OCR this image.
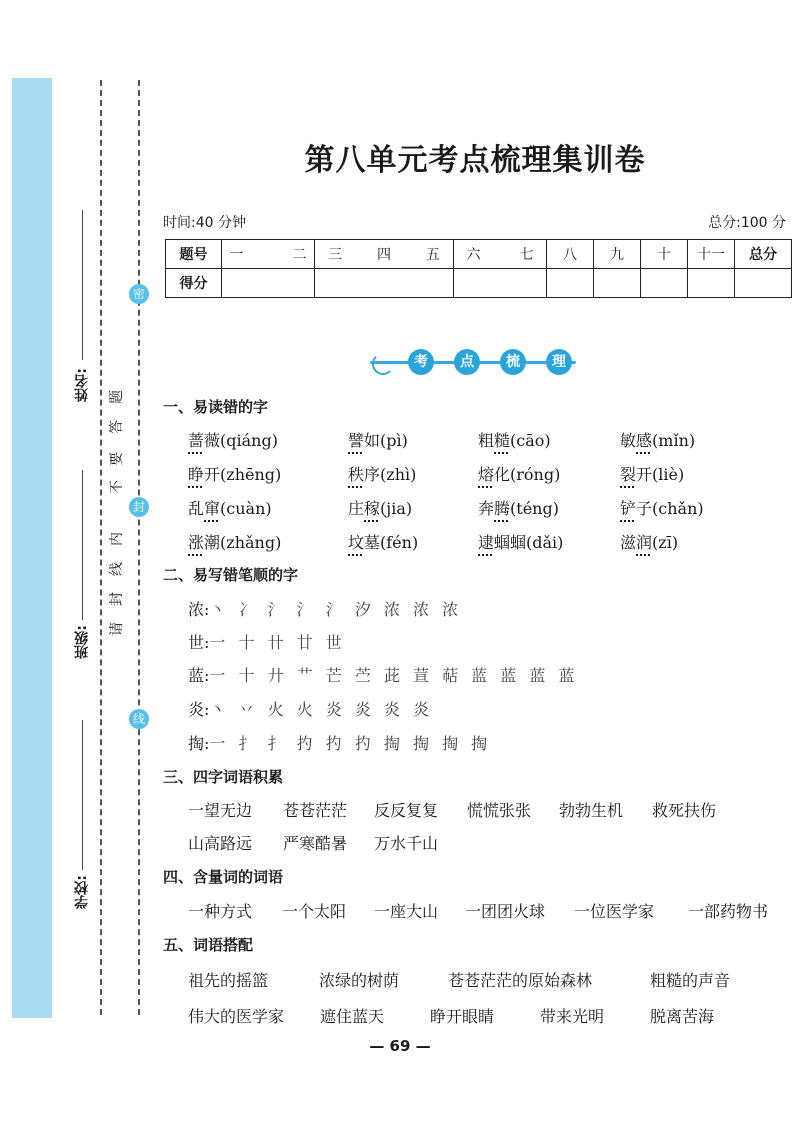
姓名:
班级:
学校:
密
封
线
请
封
线
内
不
要
答
题
第八单元考点梳理集训卷
时间:40 分钟	总分:100 分
题号	一 二	三 四 五	六 七	八	九	十	十一	总分
得分								
考	点	梳	理
一、易读错的字
蔷薇(qiáng)	譬如(pì)	粗糙(cāo)	敏感(mǐn)
睁开(zhēng)	秩序(zhì)	熔化(róng)	裂开(liè)
乱窜(cuàn)	庄稼(jia)	奔腾(téng)	铲子(chǎn)
涨潮(zhǎng)	坟墓(fén)	逮蝈蝈(dǎi)	滋润(zī)
二、易写错笔顺的字
浓:丶 冫 氵 氵 氵 汐 浓 浓 浓
世:一 十 卄 廿 世
蓝:一 十 廾 艹 芒 苎 茈 荁 萜 蓝 蓝 蓝 蓝
炎:丶 丷 火 火 炎 炎 炎 炎
掏:一 扌 扌 扚 扚 扚 掏 掏 掏 掏
三、四字词语积累
一望无边 苍苍茫茫 反反复复 慌慌张张 勃勃生机 救死扶伤
山高路远 严寒酷暑 万水千山
四、含量词的词语
一种方式 一个太阳 一座大山 一团团火球 一位医学家 一部药物书
五、词语搭配
祖先的摇篮	浓绿的树荫	苍苍茫茫的原始森林	粗糙的声音
伟大的医学家 遮住蓝天	睁开眼睛	带来光明	脱离苦海
— 69 —
